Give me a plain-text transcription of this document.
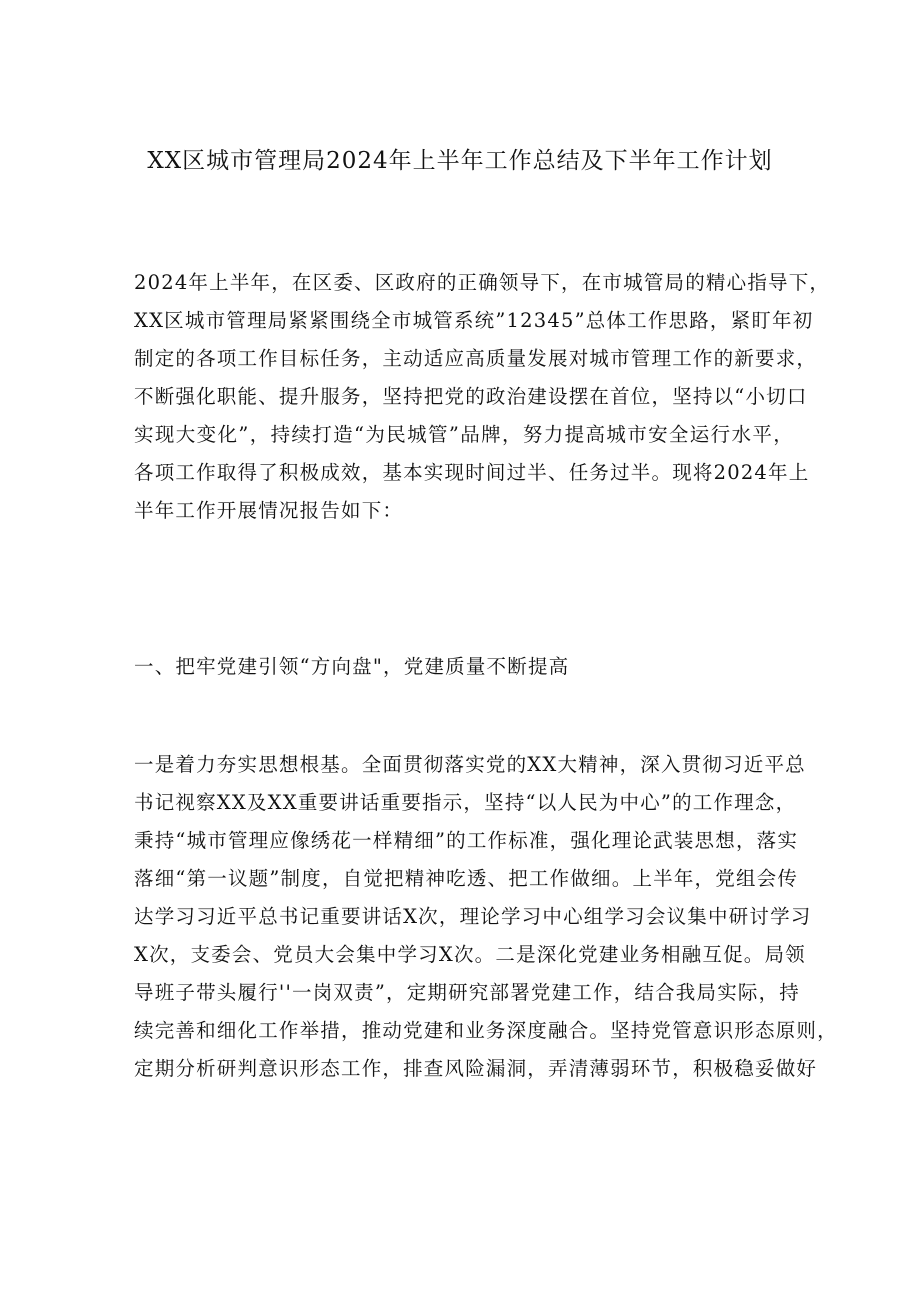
XX区城市管理局2024年上半年工作总结及下半年工作计划

2024年上半年，在区委、区政府的正确领导下，在市城管局的精心指导下，
XX区城市管理局紧紧围绕全市城管系统”12345”总体工作思路，紧盯年初
制定的各项工作目标任务，主动适应高质量发展对城市管理工作的新要求，
不断强化职能、提升服务，坚持把党的政治建设摆在首位，坚持以“小切口
实现大变化”，持续打造“为民城管”品牌，努力提高城市安全运行水平，
各项工作取得了积极成效，基本实现时间过半、任务过半。现将2024年上
半年工作开展情况报告如下：

一、把牢党建引领“方向盘"，党建质量不断提高

一是着力夯实思想根基。全面贯彻落实党的XX大精神，深入贯彻习近平总
书记视察XX及XX重要讲话重要指示，坚持“以人民为中心”的工作理念，
秉持“城市管理应像绣花一样精细”的工作标准，强化理论武装思想，落实
落细“第一议题”制度，自觉把精神吃透、把工作做细。上半年，党组会传
达学习习近平总书记重要讲话X次，理论学习中心组学习会议集中研讨学习
X次，支委会、党员大会集中学习X次。二是深化党建业务相融互促。局领
导班子带头履行''一岗双责”，定期研究部署党建工作，结合我局实际，持
续完善和细化工作举措，推动党建和业务深度融合。坚持党管意识形态原则，
定期分析研判意识形态工作，排查风险漏洞，弄清薄弱环节，积极稳妥做好
